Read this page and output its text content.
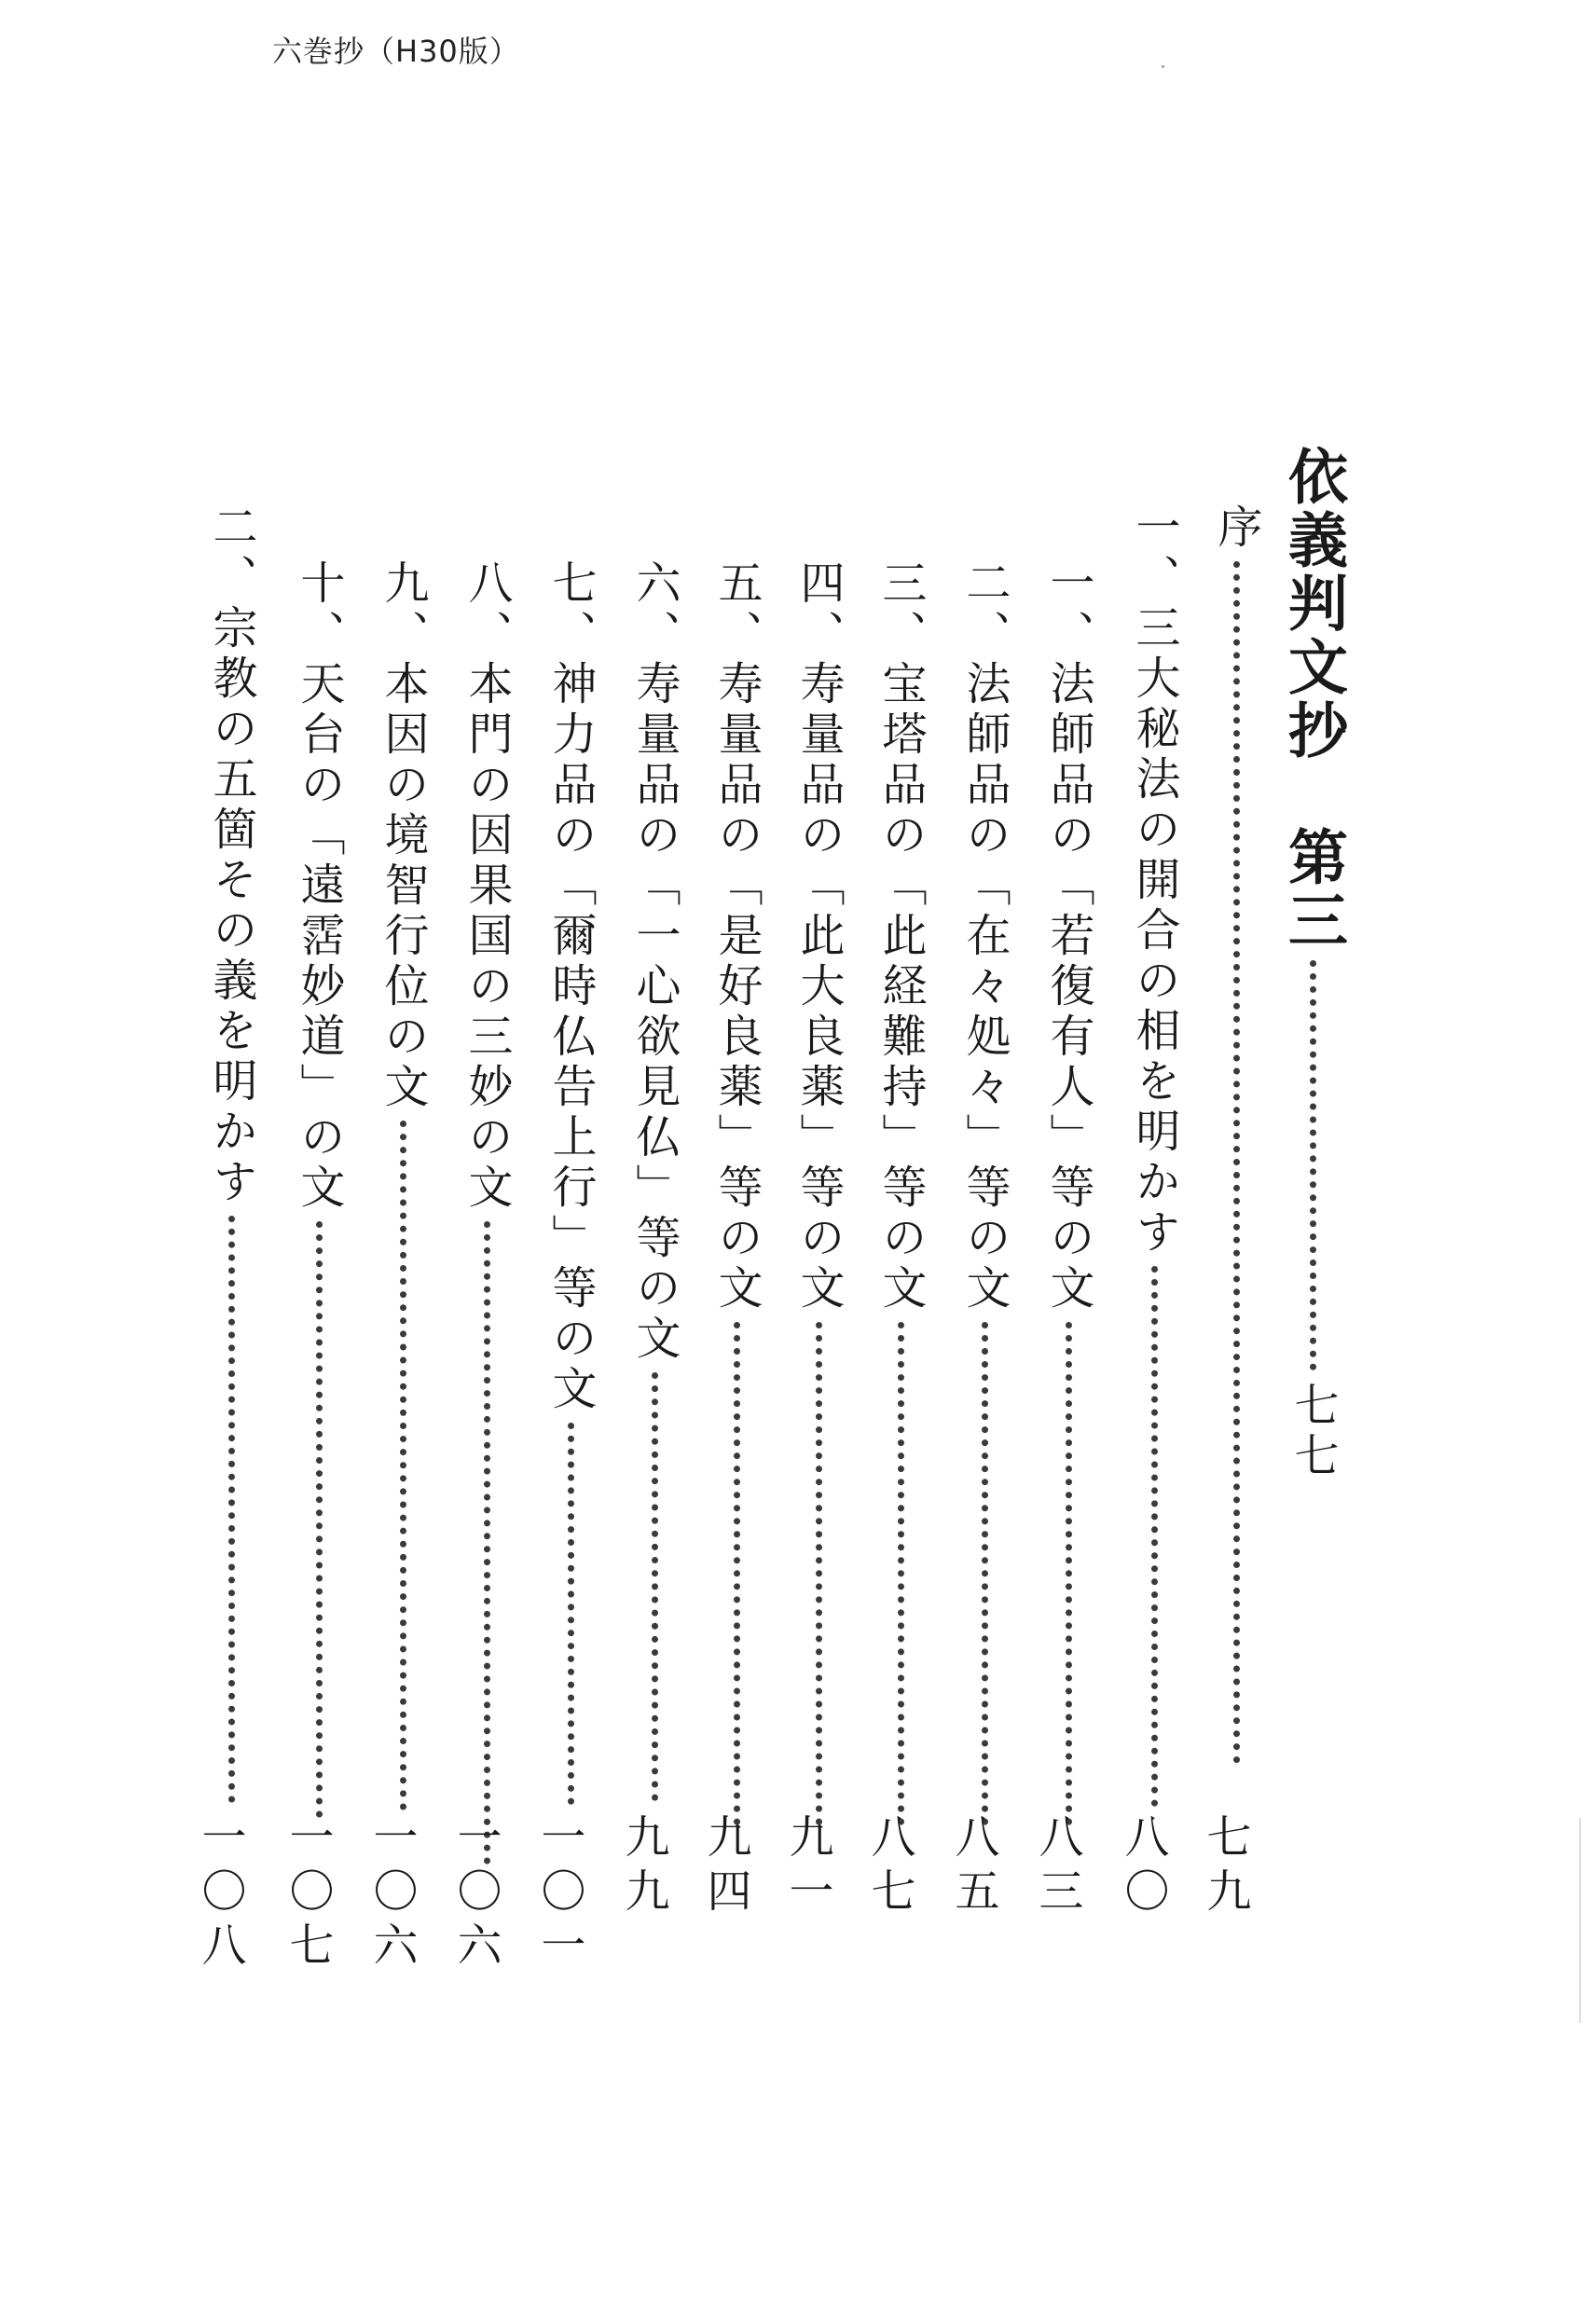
六巻抄（H30版）
依義判文抄　第三
七七
序
七九
一、三大秘法の開合の相を明かす
八〇
一、法師品の「若復有人」等の文
八三
二、法師品の「在々処々」等の文
八五
三、宝塔品の「此経難持」等の文
八七
四、寿量品の「此大良薬」等の文
九一
五、寿量品の「是好良薬」等の文
九四
六、寿量品の「一心欲見仏」等の文
九九
七、神力品の「爾時仏告上行」等の文
一〇一
八、本門の因果国の三妙の文
一〇六
九、本因の境智行位の文
一〇六
十、天台の「遠霑妙道」の文
一〇七
二、宗教の五箇その義を明かす
一〇八
